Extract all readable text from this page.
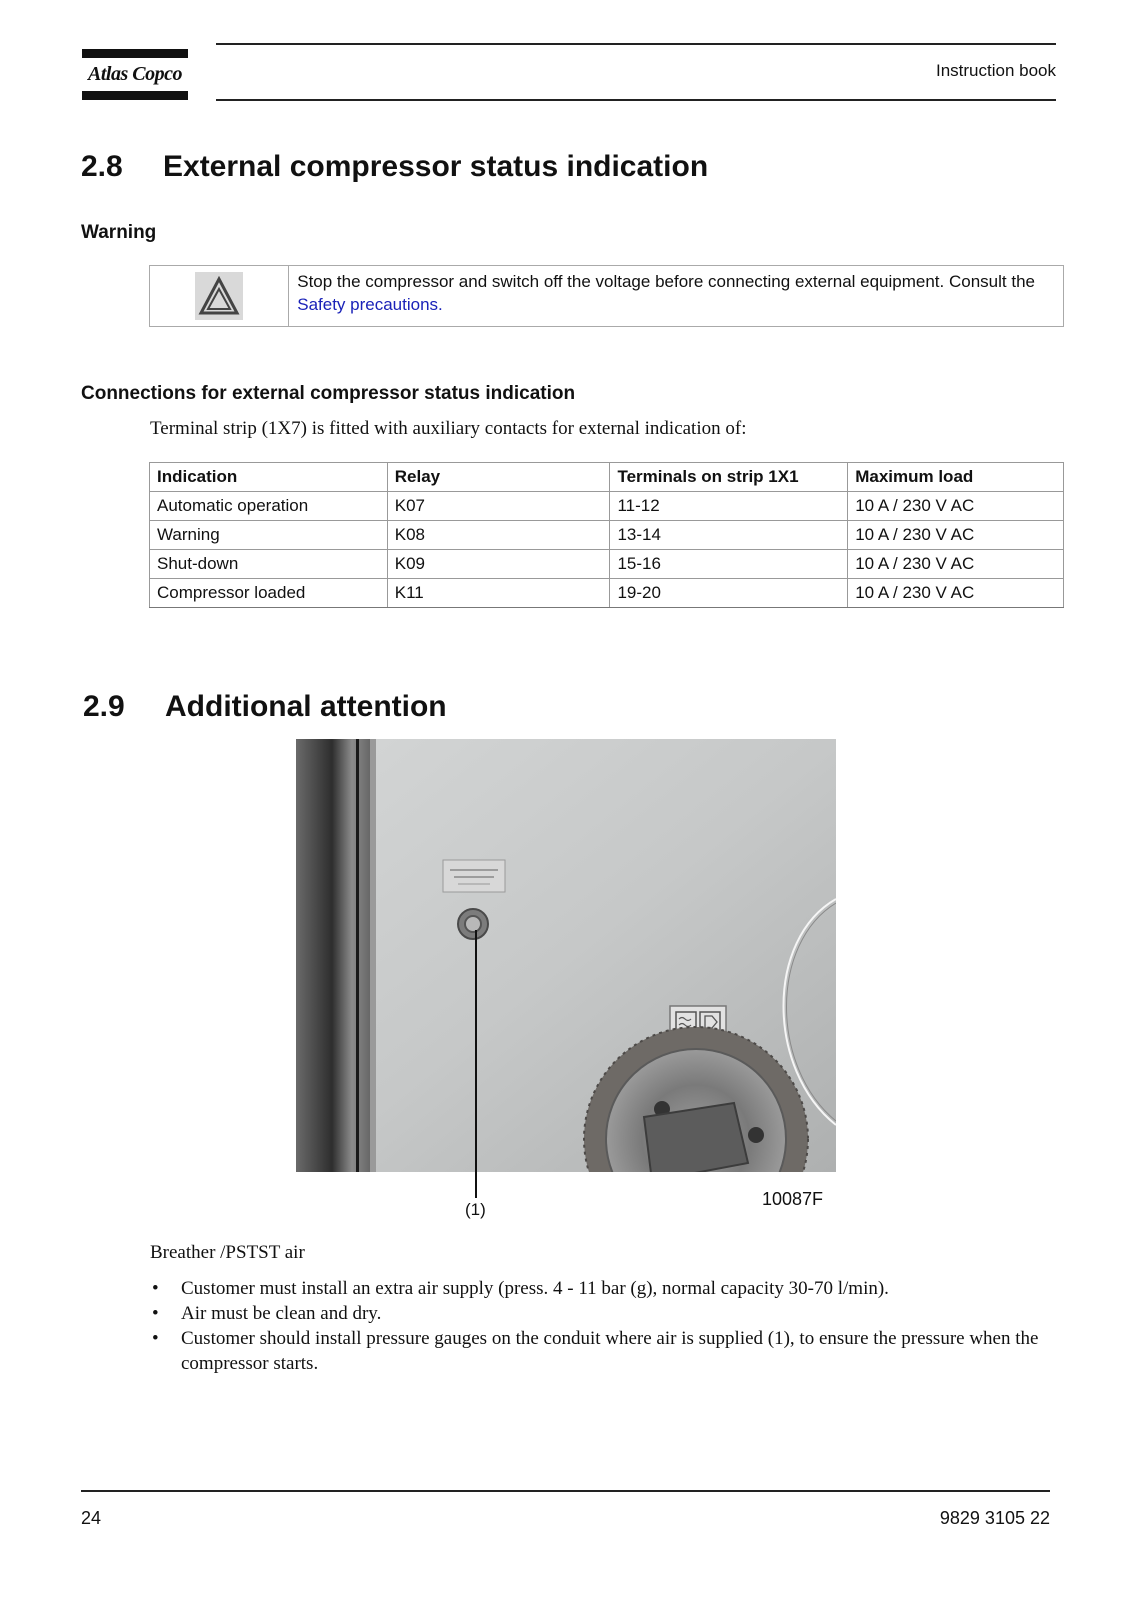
Atlas Copco	Instruction book
2.8 External compressor status indication
Warning
Stop the compressor and switch off the voltage before connecting external equipment. Consult the Safety precautions.
Connections for external compressor status indication
Terminal strip (1X7) is fitted with auxiliary contacts for external indication of:
Indication	Relay	Terminals on strip 1X1	Maximum load
Automatic operation	K07	11-12	10 A / 230 V AC
Warning	K08	13-14	10 A / 230 V AC
Shut-down	K09	15-16	10 A / 230 V AC
Compressor loaded	K11	19-20	10 A / 230 V AC
2.9 Additional attention
(1)
10087F
Breather /PSTST air
• Customer must install an extra air supply (press. 4 - 11 bar (g), normal capacity 30-70 l/min).
• Air must be clean and dry.
• Customer should install pressure gauges on the conduit where air is supplied (1), to ensure the pressure when the compressor starts.
24	9829 3105 22
